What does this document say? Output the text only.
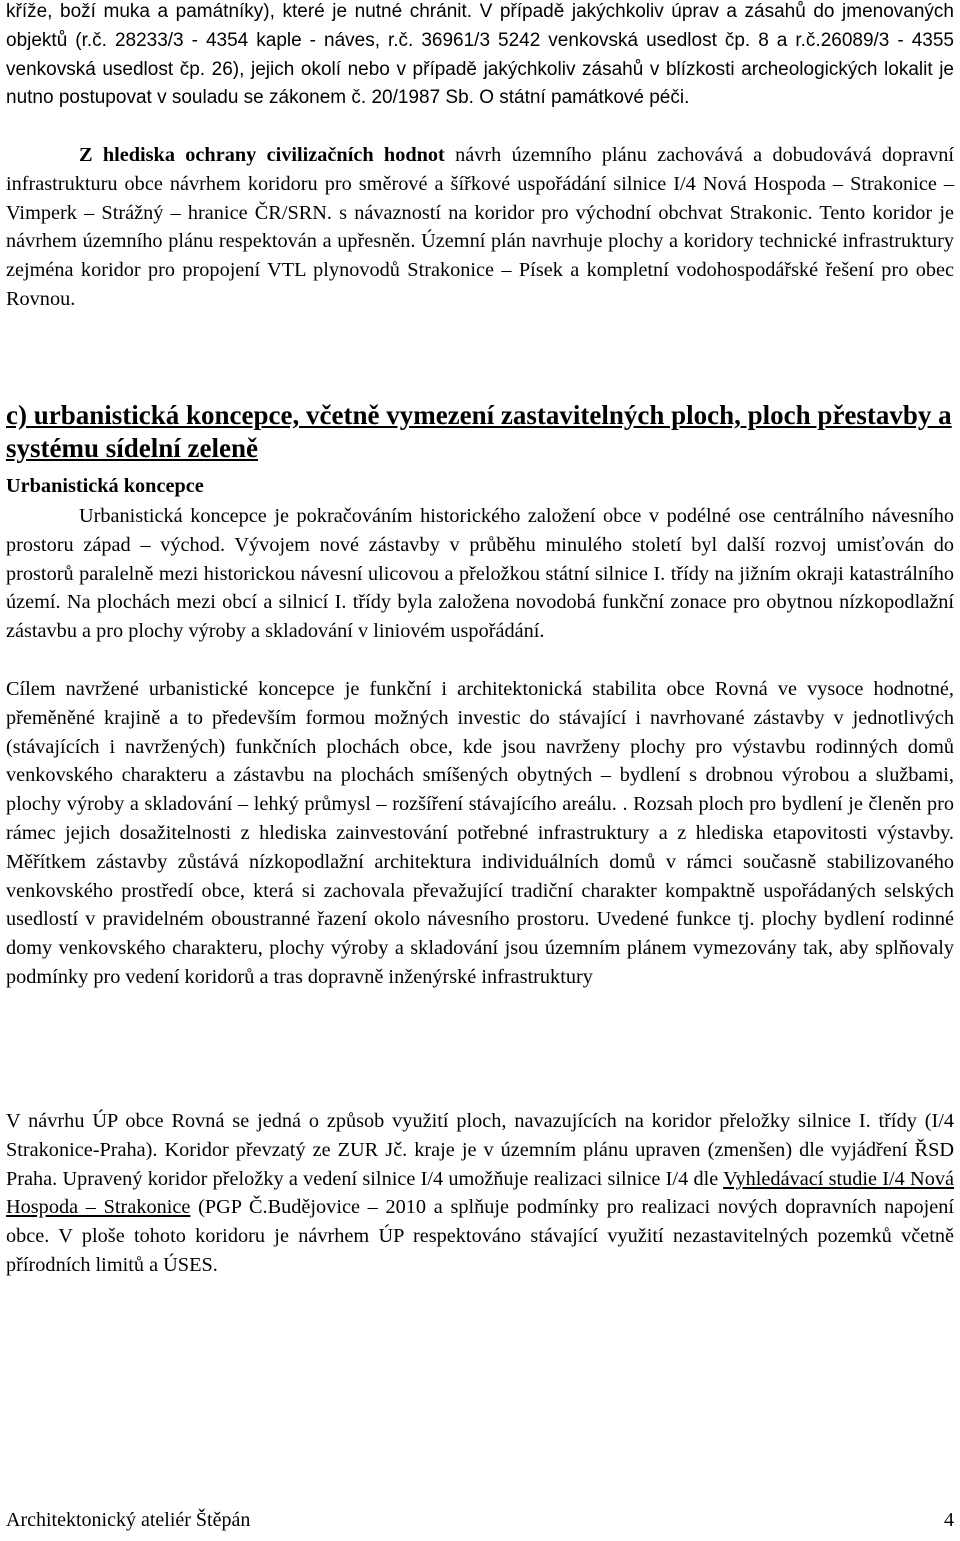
kříže, boží muka a památníky), které je nutné chránit. V případě jakýchkoliv úprav a zásahů do jmenovaných objektů (r.č. 28233/3 - 4354 kaple - náves, r.č. 36961/3 5242 venkovská usedlost čp. 8 a r.č.26089/3 - 4355 venkovská usedlost čp. 26), jejich okolí nebo v případě jakýchkoliv zásahů v blízkosti archeologických lokalit je nutno postupovat v souladu se zákonem č. 20/1987 Sb. O státní památkové péči.

Z hlediska ochrany civilizačních hodnot návrh územního plánu zachovává a dobudovává dopravní infrastrukturu obce návrhem koridoru pro směrové a šířkové uspořádání silnice I/4 Nová Hospoda – Strakonice – Vimperk – Strážný – hranice ČR/SRN. s návazností na koridor pro východní obchvat Strakonic. Tento koridor je návrhem územního plánu respektován a upřesněn. Územní plán navrhuje plochy a koridory technické infrastruktury zejména koridor pro propojení VTL plynovodů Strakonice – Písek a kompletní vodohospodářské řešení pro obec Rovnou.

c) urbanistická koncepce, včetně vymezení zastavitelných ploch, ploch přestavby a systému sídelní zeleně
Urbanistická koncepce

Urbanistická koncepce je pokračováním historického založení obce v podélné ose centrálního návesního prostoru západ – východ. Vývojem nové zástavby v průběhu minulého století byl další rozvoj umisťován do prostorů paralelně mezi historickou návesní ulicovou a přeložkou státní silnice I. třídy na jižním okraji katastrálního území. Na plochách mezi obcí a silnicí I. třídy byla založena novodobá funkční zonace pro obytnou nízkopodlažní zástavbu a pro plochy výroby a skladování v liniovém uspořádání.

Cílem navržené urbanistické koncepce je funkční i architektonická stabilita obce Rovná ve vysoce hodnotné, přeměněné krajině a to především formou možných investic do stávající i navrhované zástavby v jednotlivých (stávajících i navržených) funkčních plochách obce, kde jsou navrženy plochy pro výstavbu rodinných domů venkovského charakteru a zástavbu na plochách smíšených obytných – bydlení s drobnou výrobou a službami, plochy výroby a skladování – lehký průmysl – rozšíření stávajícího areálu. . Rozsah ploch pro bydlení je členěn pro rámec jejich dosažitelnosti z hlediska zainvestování potřebné infrastruktury a z hlediska etapovitosti výstavby. Měřítkem zástavby zůstává nízkopodlažní architektura individuálních domů v rámci současně stabilizovaného venkovského prostředí obce, která si zachovala převažující tradiční charakter kompaktně uspořádaných selských usedlostí v pravidelném oboustranné řazení okolo návesního prostoru. Uvedené funkce tj. plochy bydlení rodinné domy venkovského charakteru, plochy výroby a skladování jsou územním plánem vymezovány tak, aby splňovaly podmínky pro vedení koridorů a tras dopravně inženýrské infrastruktury

V návrhu ÚP obce Rovná se jedná o způsob využití ploch, navazujících na koridor přeložky silnice I. třídy (I/4 Strakonice-Praha). Koridor převzatý ze ZUR Jč. kraje je v územním plánu upraven (zmenšen) dle vyjádření ŘSD Praha. Upravený koridor přeložky a vedení silnice I/4 umožňuje realizaci silnice I/4 dle Vyhledávací studie I/4 Nová Hospoda – Strakonice (PGP Č.Budějovice – 2010 a splňuje podmínky pro realizaci nových dopravních napojení obce. V ploše tohoto koridoru je návrhem ÚP respektováno stávající využití nezastavitelných pozemků včetně přírodních limitů a ÚSES.

Architektonický ateliér Štěpán	4
